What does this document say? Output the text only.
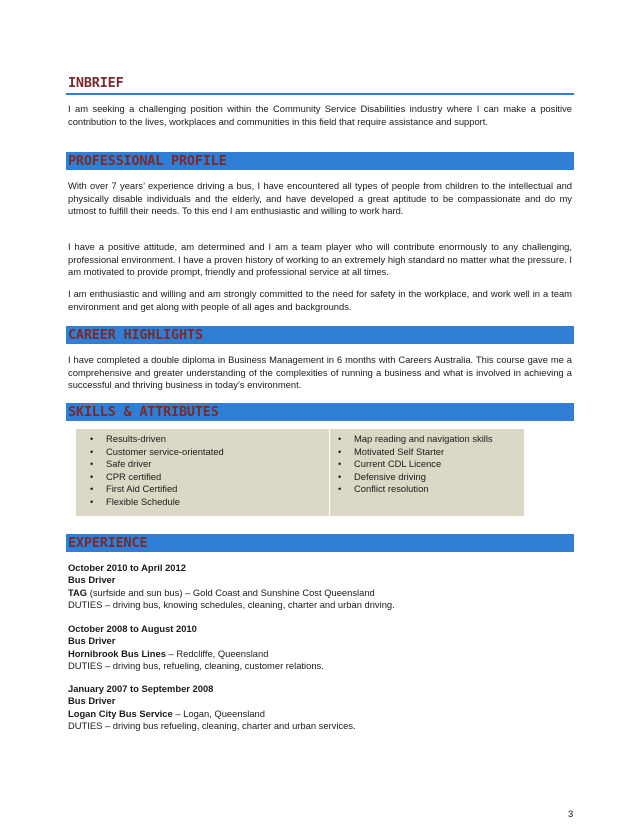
INBRIEF

I am seeking a challenging position within the Community Service Disabilities industry where I can make a positive contribution to the lives, workplaces and communities in this field that require assistance and support.

PROFESSIONAL PROFILE

With over 7 years’ experience driving a bus, I have encountered all types of people from children to the intellectual and physically disable individuals and the elderly, and have developed a great aptitude to be compassionate and do my utmost to fulfill their needs. To this end I am enthusiastic and willing to work hard.

I have a positive attitude, am determined and I am a team player who will contribute enormously to any challenging, professional environment. I have a proven history of working to an extremely high standard no matter what the pressure. I am motivated to provide prompt, friendly and professional service at all times.

I am enthusiastic and willing and am strongly committed to the need for safety in the workplace, and work well in a team environment and get along with people of all ages and backgrounds.

CAREER HIGHLIGHTS

I have completed a double diploma in Business Management in 6 months with Careers Australia. This course gave me a comprehensive and greater understanding of the complexities of running a business and what is involved in achieving a successful and thriving business in today’s environment.

SKILLS & ATTRIBUTES
• Results-driven
• Customer service-orientated
• Safe driver
• CPR certified
• First Aid Certified
• Flexible Schedule
• Map reading and navigation skills
• Motivated Self Starter
• Current CDL Licence
• Defensive driving
• Conflict resolution
EXPERIENCE
October 2010 to April 2012
Bus Driver
TAG (surfside and sun bus) – Gold Coast and Sunshine Cost Queensland
DUTIES – driving bus, knowing schedules, cleaning, charter and urban driving.
October 2008 to August 2010
Bus Driver
Hornibrook Bus Lines – Redcliffe, Queensland
DUTIES – driving bus, refueling, cleaning, customer relations.
January 2007 to September 2008
Bus Driver
Logan City Bus Service – Logan, Queensland
DUTIES – driving bus refueling, cleaning, charter and urban services.
3
